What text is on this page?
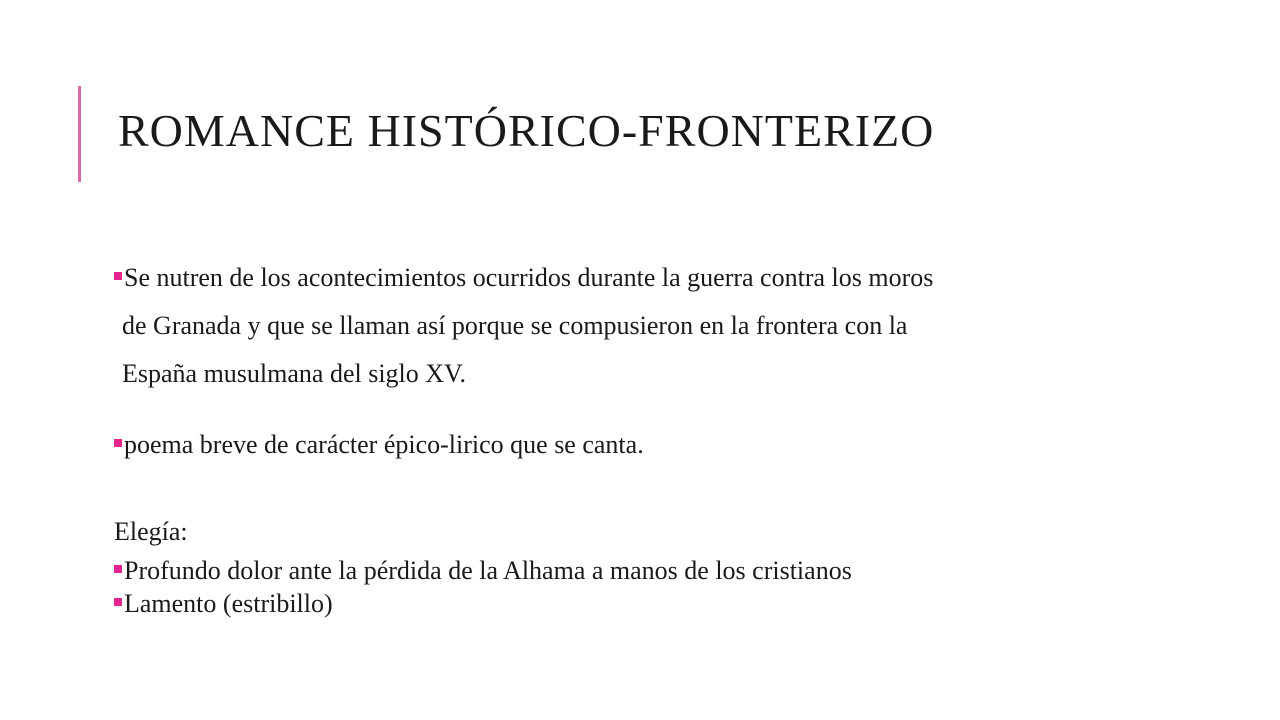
ROMANCE HISTÓRICO-FRONTERIZO
Se nutren de los acontecimientos ocurridos durante la guerra contra los moros
de Granada y que se llaman así porque se compusieron en la frontera con la
España musulmana del siglo XV.
poema breve de carácter épico-lirico que se canta.
Elegía:
Profundo dolor ante la pérdida de la Alhama a manos de los cristianos
Lamento (estribillo)
